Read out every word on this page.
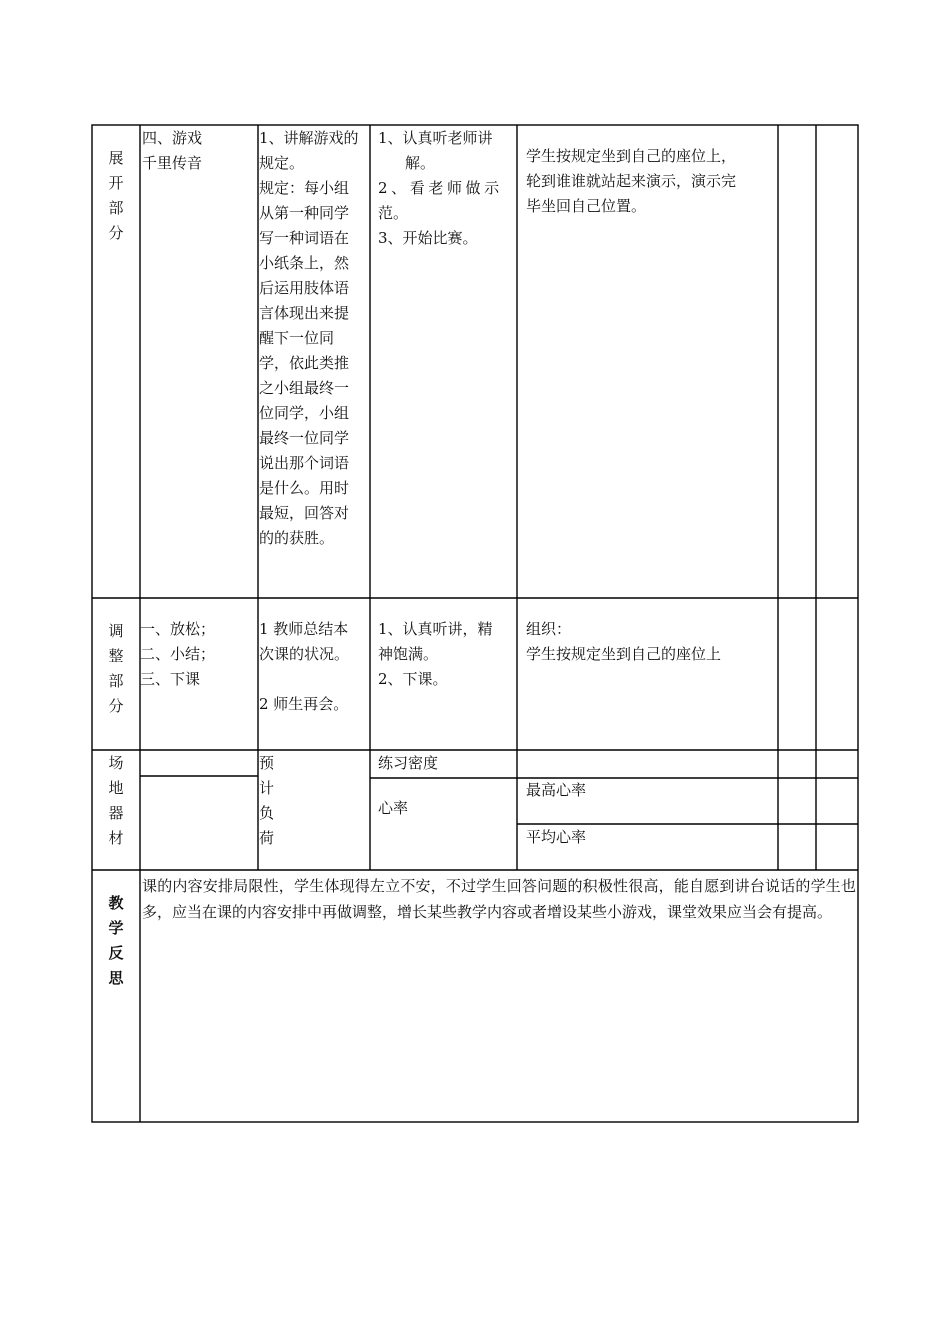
展 开 部 分
四、游戏
千里传音
1、讲解游戏的
规定。
规定：每小组
从第一种同学
写一种词语在
小纸条上，然
后运用肢体语
言体现出来提
醒下一位同
学，依此类推
之小组最终一
位同学，小组
最终一位同学
说出那个词语
是什么。用时
最短，回答对
的的获胜。
1、认真听老师讲
解。
2、看老师做示
范。
3、开始比赛。
学生按规定坐到自己的座位上，
轮到谁谁就站起来演示，演示完
毕坐回自己位置。
调 整 部 分
一、放松；
二、小结；
三、下课
1 教师总结本
次课的状况。
2 师生再会。
1、认真听讲，精
神饱满。
2、下课。
组织：
学生按规定坐到自己的座位上
场 地 器 材
预
计
负
荷
练习密度
心率
最高心率
平均心率
教 学 反 思
课的内容安排局限性，学生体现得左立不安，不过学生回答问题的积极性很高，能自愿到讲台说话的学生也多，应当在课的内容安排中再做调整，增长某些教学内容或者增设某些小游戏，课堂效果应当会有提高。
